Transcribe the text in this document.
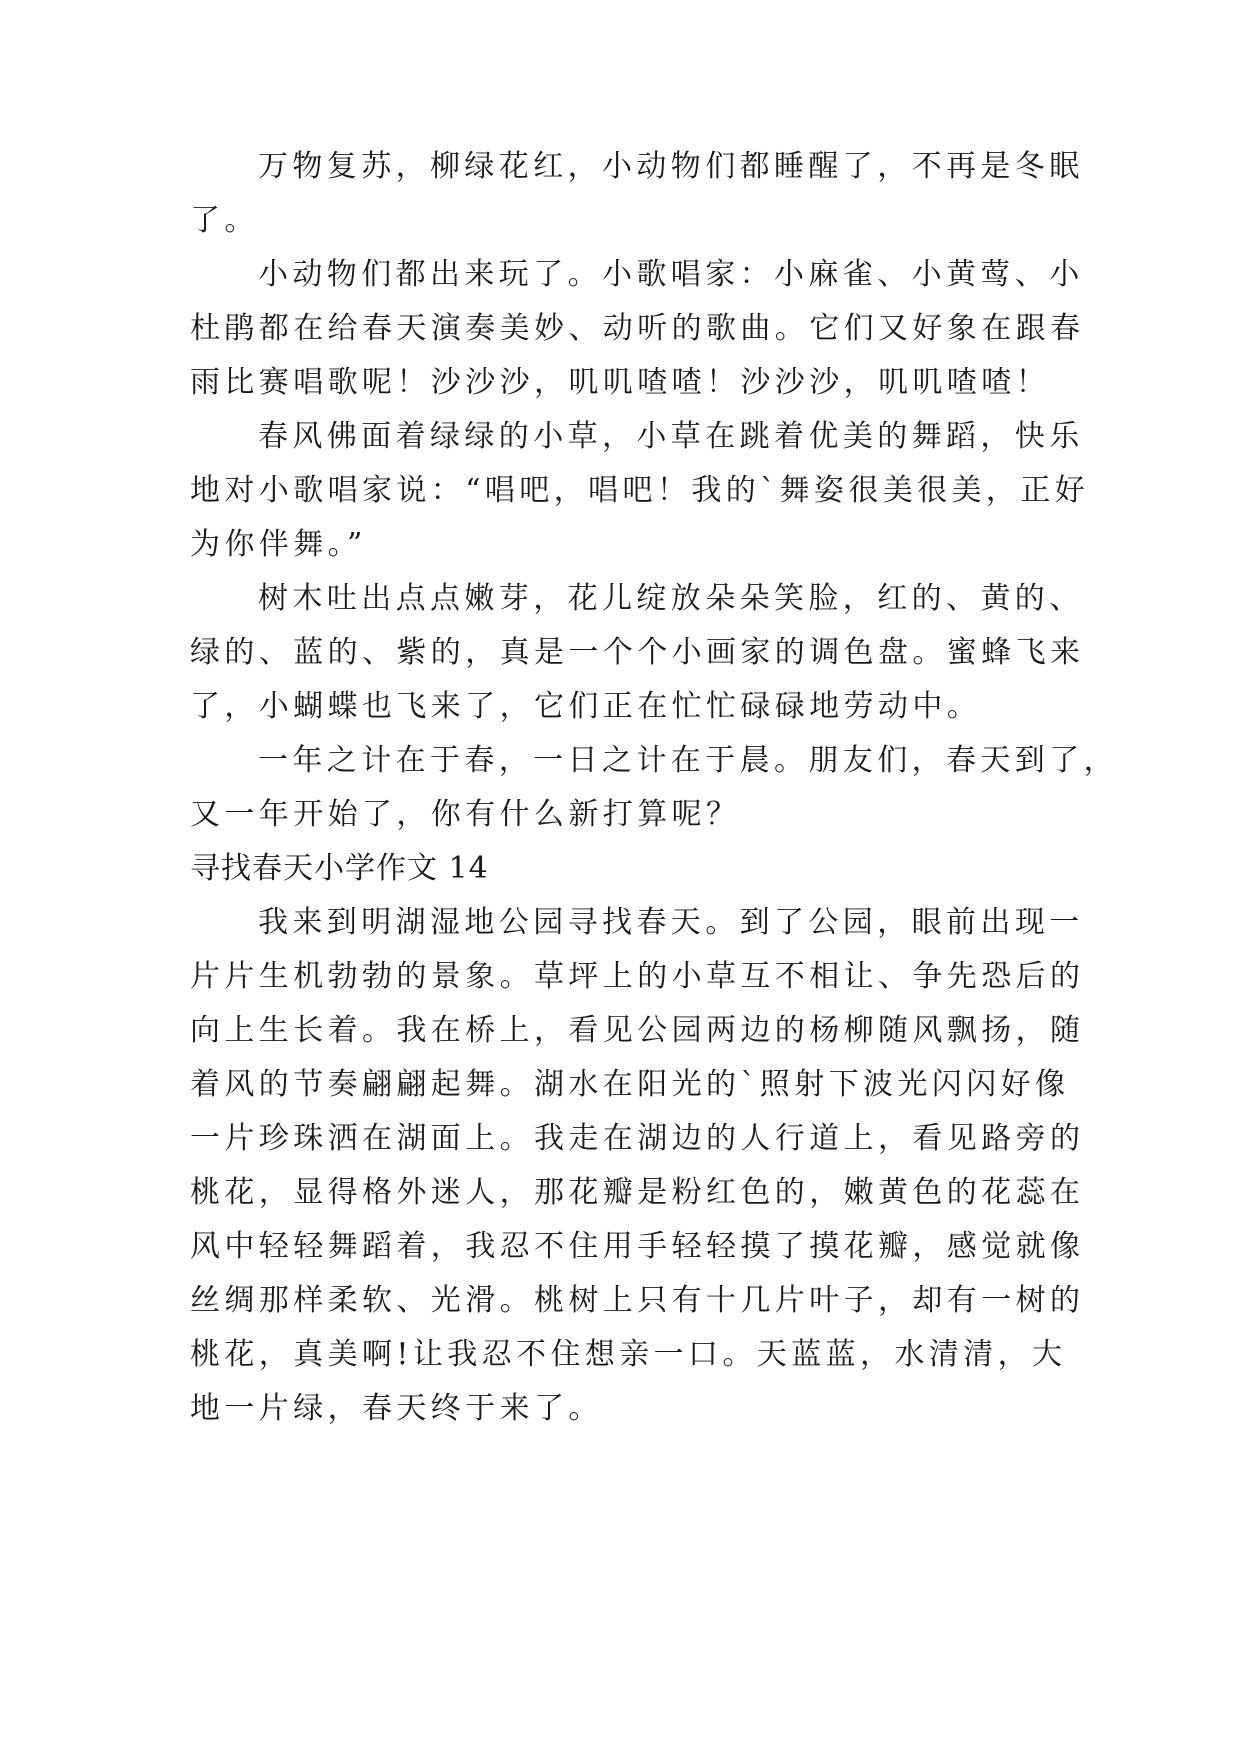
万物复苏，柳绿花红，小动物们都睡醒了，不再是冬眠

了。

小动物们都出来玩了。小歌唱家：小麻雀、小黄莺、小

杜鹃都在给春天演奏美妙、动听的歌曲。它们又好象在跟春

雨比赛唱歌呢！沙沙沙，叽叽喳喳！沙沙沙，叽叽喳喳！

春风佛面着绿绿的小草，小草在跳着优美的舞蹈，快乐

地对小歌唱家说：“唱吧，唱吧！我的`舞姿很美很美，正好

为你伴舞。”

树木吐出点点嫩芽，花儿绽放朵朵笑脸，红的、黄的、

绿的、蓝的、紫的，真是一个个小画家的调色盘。蜜蜂飞来

了，小蝴蝶也飞来了，它们正在忙忙碌碌地劳动中。

一年之计在于春，一日之计在于晨。朋友们，春天到了，

又一年开始了，你有什么新打算呢？

寻找春天小学作文 14

我来到明湖湿地公园寻找春天。到了公园，眼前出现一

片片生机勃勃的景象。草坪上的小草互不相让、争先恐后的

向上生长着。我在桥上，看见公园两边的杨柳随风飘扬，随

着风的节奏翩翩起舞。湖水在阳光的`照射下波光闪闪好像

一片珍珠洒在湖面上。我走在湖边的人行道上，看见路旁的

桃花，显得格外迷人，那花瓣是粉红色的，嫩黄色的花蕊在

风中轻轻舞蹈着，我忍不住用手轻轻摸了摸花瓣，感觉就像

丝绸那样柔软、光滑。桃树上只有十几片叶子，却有一树的

桃花，真美啊!让我忍不住想亲一口。天蓝蓝，水清清，大

地一片绿，春天终于来了。
